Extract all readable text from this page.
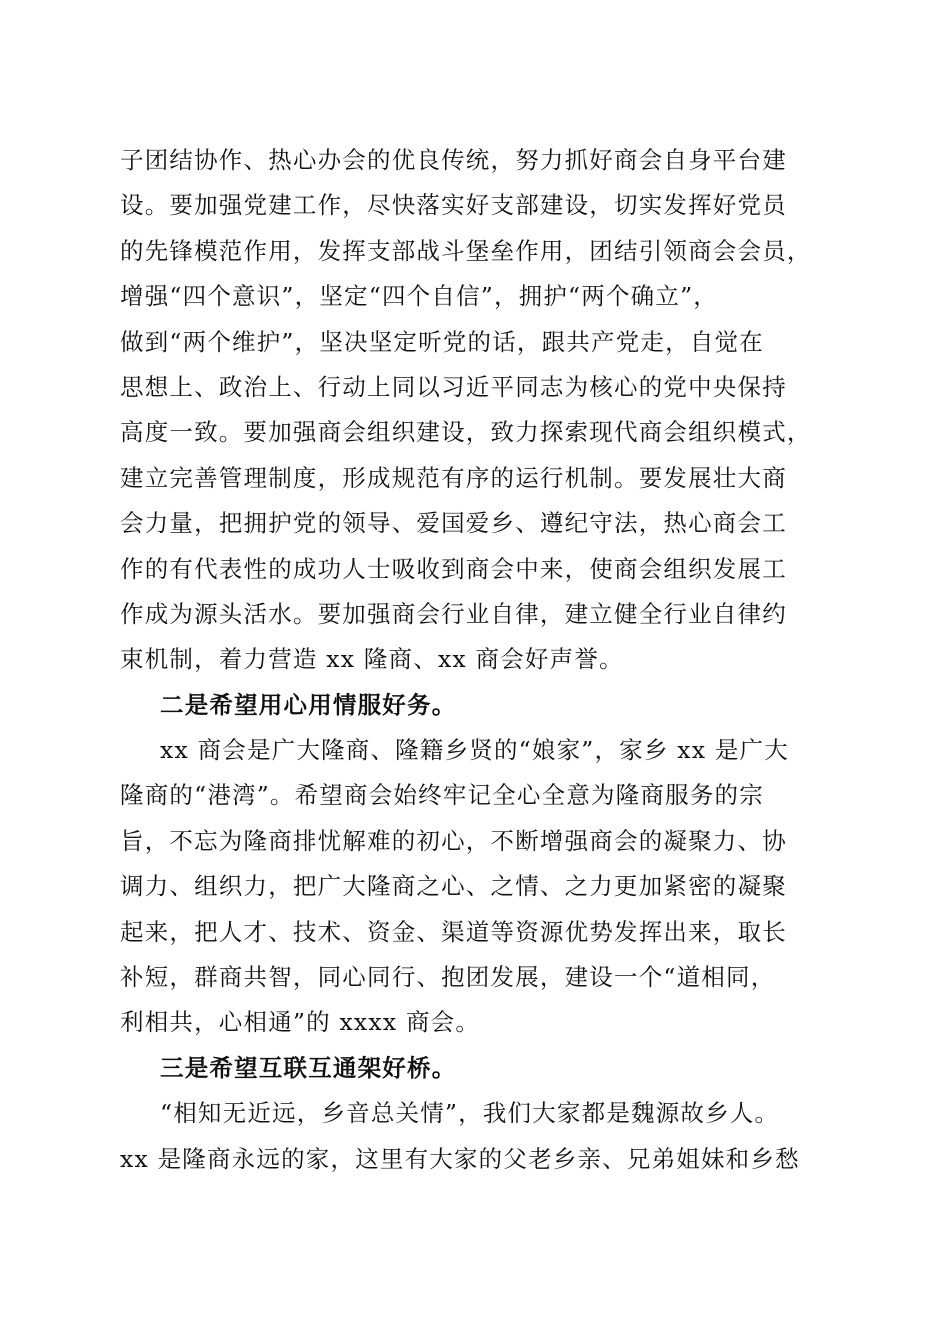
子团结协作、热心办会的优良传统，努力抓好商会自身平台建
设。要加强党建工作，尽快落实好支部建设，切实发挥好党员
的先锋模范作用，发挥支部战斗堡垒作用，团结引领商会会员，
增强“四个意识”，坚定“四个自信”，拥护“两个确立”，
做到“两个维护”，坚决坚定听党的话，跟共产党走，自觉在
思想上、政治上、行动上同以习近平同志为核心的党中央保持
高度一致。要加强商会组织建设，致力探索现代商会组织模式，
建立完善管理制度，形成规范有序的运行机制。要发展壮大商
会力量，把拥护党的领导、爱国爱乡、遵纪守法，热心商会工
作的有代表性的成功人士吸收到商会中来，使商会组织发展工
作成为源头活水。要加强商会行业自律，建立健全行业自律约
束机制，着力营造 xx 隆商、xx 商会好声誉。
二是希望用心用情服好务。
xx 商会是广大隆商、隆籍乡贤的“娘家”，家乡 xx 是广大
隆商的“港湾”。希望商会始终牢记全心全意为隆商服务的宗
旨，不忘为隆商排忧解难的初心，不断增强商会的凝聚力、协
调力、组织力，把广大隆商之心、之情、之力更加紧密的凝聚
起来，把人才、技术、资金、渠道等资源优势发挥出来，取长
补短，群商共智，同心同行、抱团发展，建设一个“道相同，
利相共，心相通”的 xxxx 商会。
三是希望互联互通架好桥。
“相知无近远，乡音总关情”，我们大家都是魏源故乡人。
xx 是隆商永远的家，这里有大家的父老乡亲、兄弟姐妹和乡愁
